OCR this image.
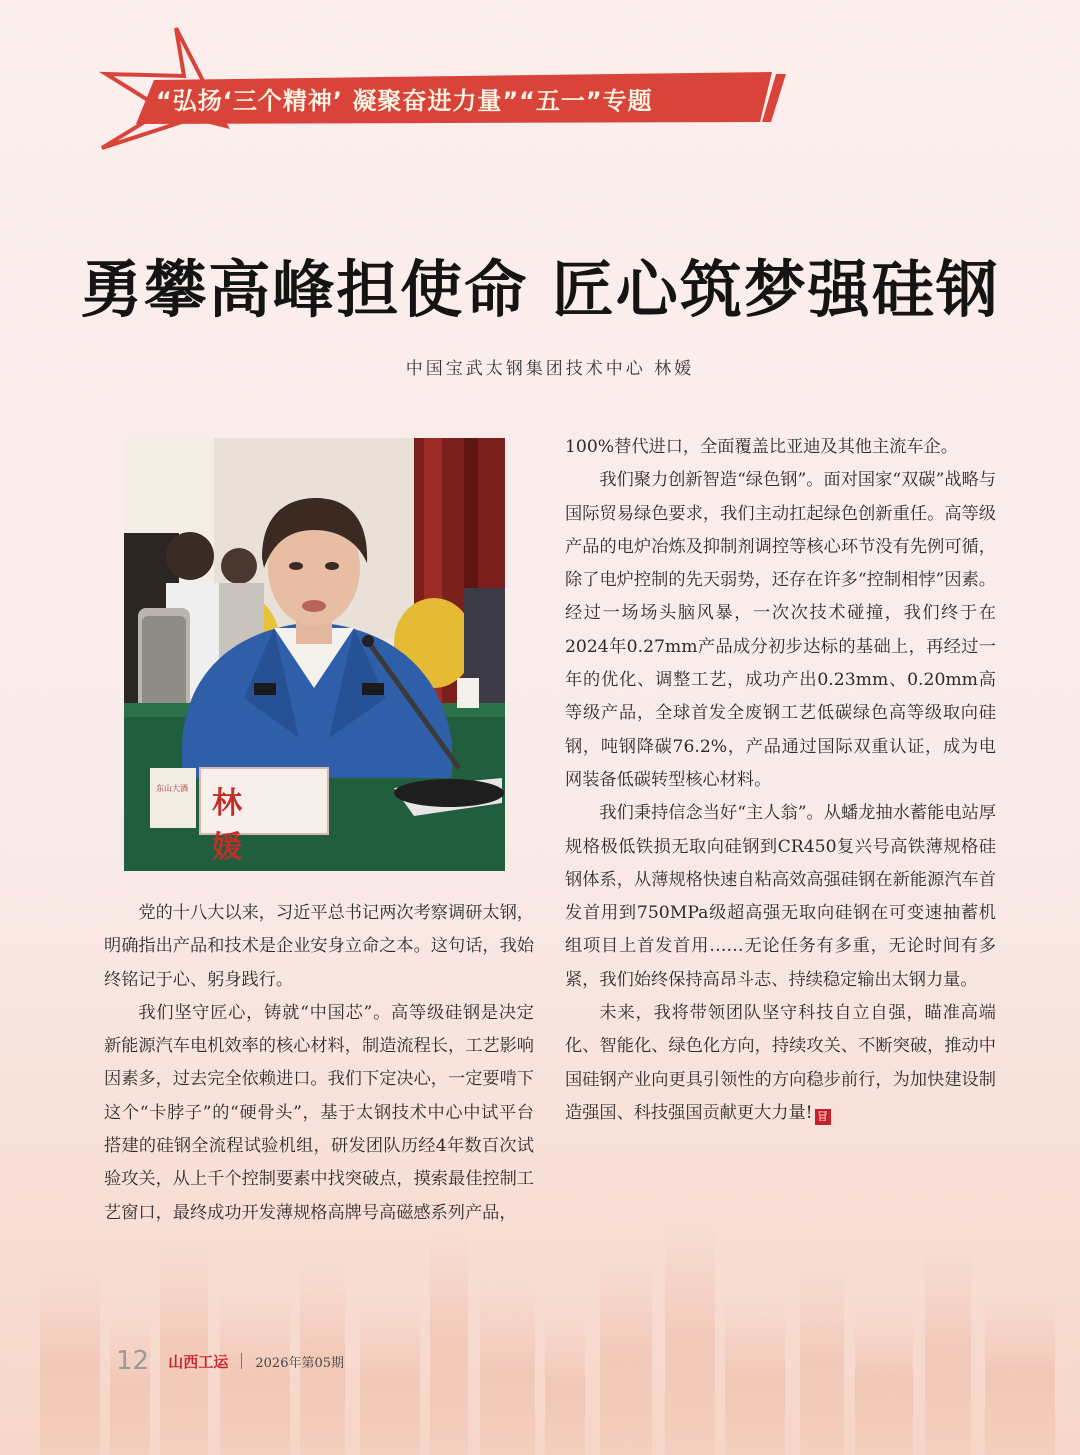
“弘扬‘三个精神’ 凝聚奋进力量”“五一”专题
勇攀高峰担使命 匠心筑梦强硅钢
中国宝武太钢集团技术中心 林媛
林 媛
东山大酒

党的十八大以来，习近平总书记两次考察调研太钢，明确指出产品和技术是企业安身立命之本。这句话，我始终铭记于心、躬身践行。

我们坚守匠心，铸就“中国芯”。高等级硅钢是决定新能源汽车电机效率的核心材料，制造流程长，工艺影响因素多，过去完全依赖进口。我们下定决心，一定要啃下这个“卡脖子”的“硬骨头”，基于太钢技术中心中试平台搭建的硅钢全流程试验机组，研发团队历经4年数百次试验攻关，从上千个控制要素中找突破点，摸索最佳控制工艺窗口，最终成功开发薄规格高牌号高磁感系列产品，

100%替代进口，全面覆盖比亚迪及其他主流车企。

我们聚力创新智造“绿色钢”。面对国家“双碳”战略与国际贸易绿色要求，我们主动扛起绿色创新重任。高等级产品的电炉冶炼及抑制剂调控等核心环节没有先例可循，除了电炉控制的先天弱势，还存在许多“控制相悖”因素。经过一场场头脑风暴，一次次技术碰撞，我们终于在2024年0.27mm产品成分初步达标的基础上，再经过一年的优化、调整工艺，成功产出0.23mm、0.20mm高等级产品，全球首发全废钢工艺低碳绿色高等级取向硅钢，吨钢降碳76.2%，产品通过国际双重认证，成为电网装备低碳转型核心材料。

我们秉持信念当好“主人翁”。从蟠龙抽水蓄能电站厚规格极低铁损无取向硅钢到CR450复兴号高铁薄规格硅钢体系，从薄规格快速自粘高效高强硅钢在新能源汽车首发首用到750MPa级超高强无取向硅钢在可变速抽蓄机组项目上首发首用……无论任务有多重，无论时间有多紧，我们始终保持高昂斗志、持续稳定输出太钢力量。

未来，我将带领团队坚守科技自立自强，瞄准高端化、智能化、绿色化方向，持续攻关、不断突破，推动中国硅钢产业向更具引领性的方向稳步前行，为加快建设制造强国、科技强国贡献更大力量! 冒

12 山西工运 2026年第05期
